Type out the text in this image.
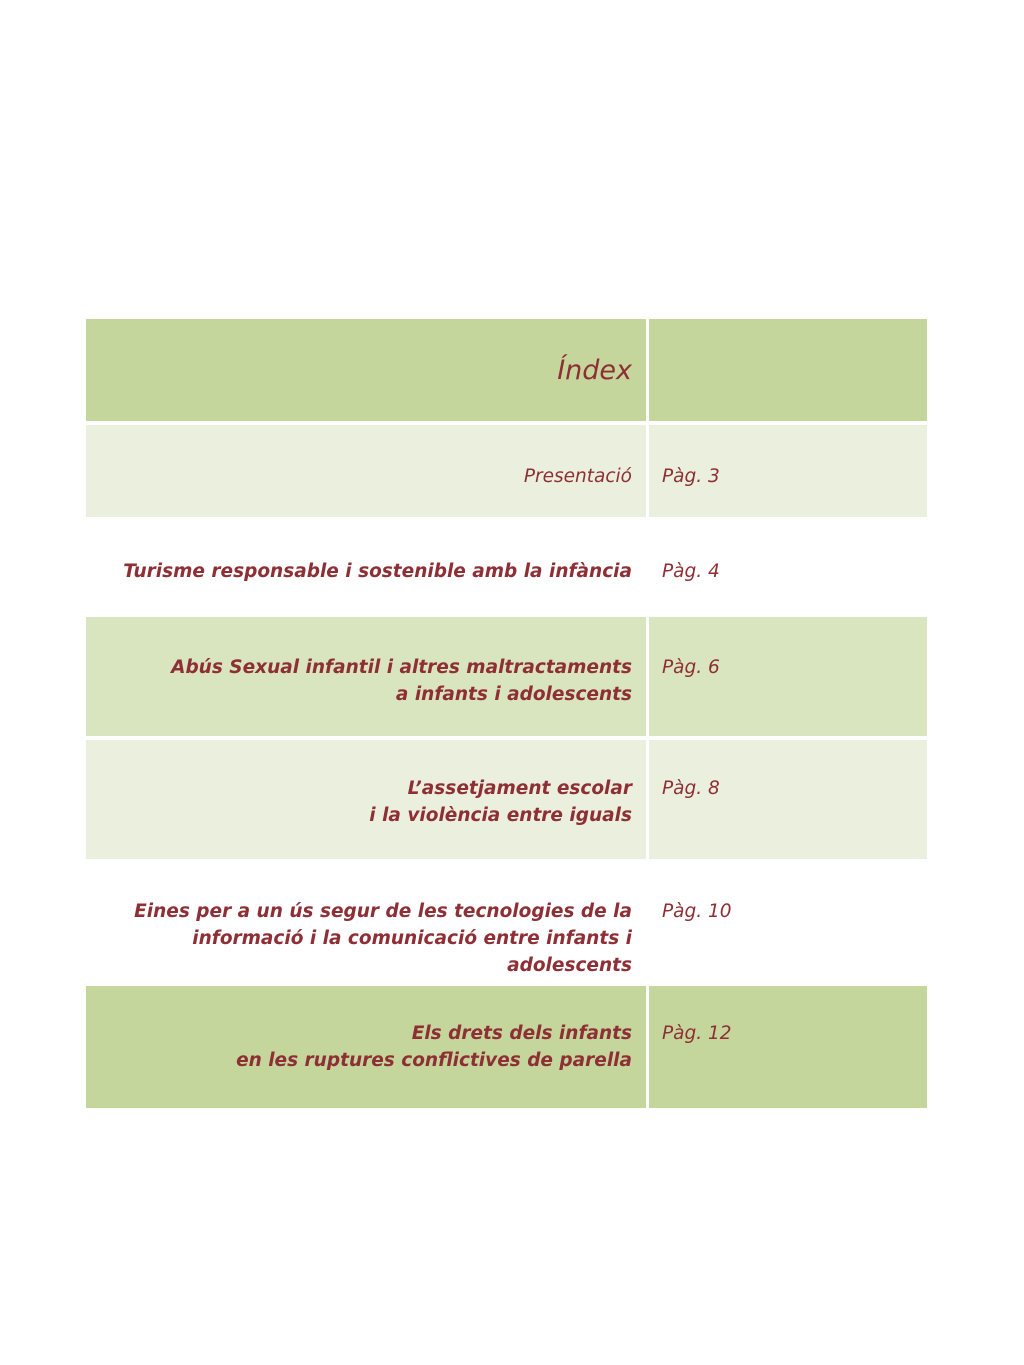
Índex
Presentació Pàg. 3
Turisme responsable i sostenible amb la infància Pàg. 4
Abús Sexual infantil i altres maltractaments
a infants i adolescents
Pàg. 6
L’assetjament escolar
i la violència entre iguals
Pàg. 8
Eines per a un ús segur de les tecnologies de la
informació i la comunicació entre infants i adolescents
Pàg. 10
Els drets dels infants
en les ruptures conflictives de parella
Pàg. 12
